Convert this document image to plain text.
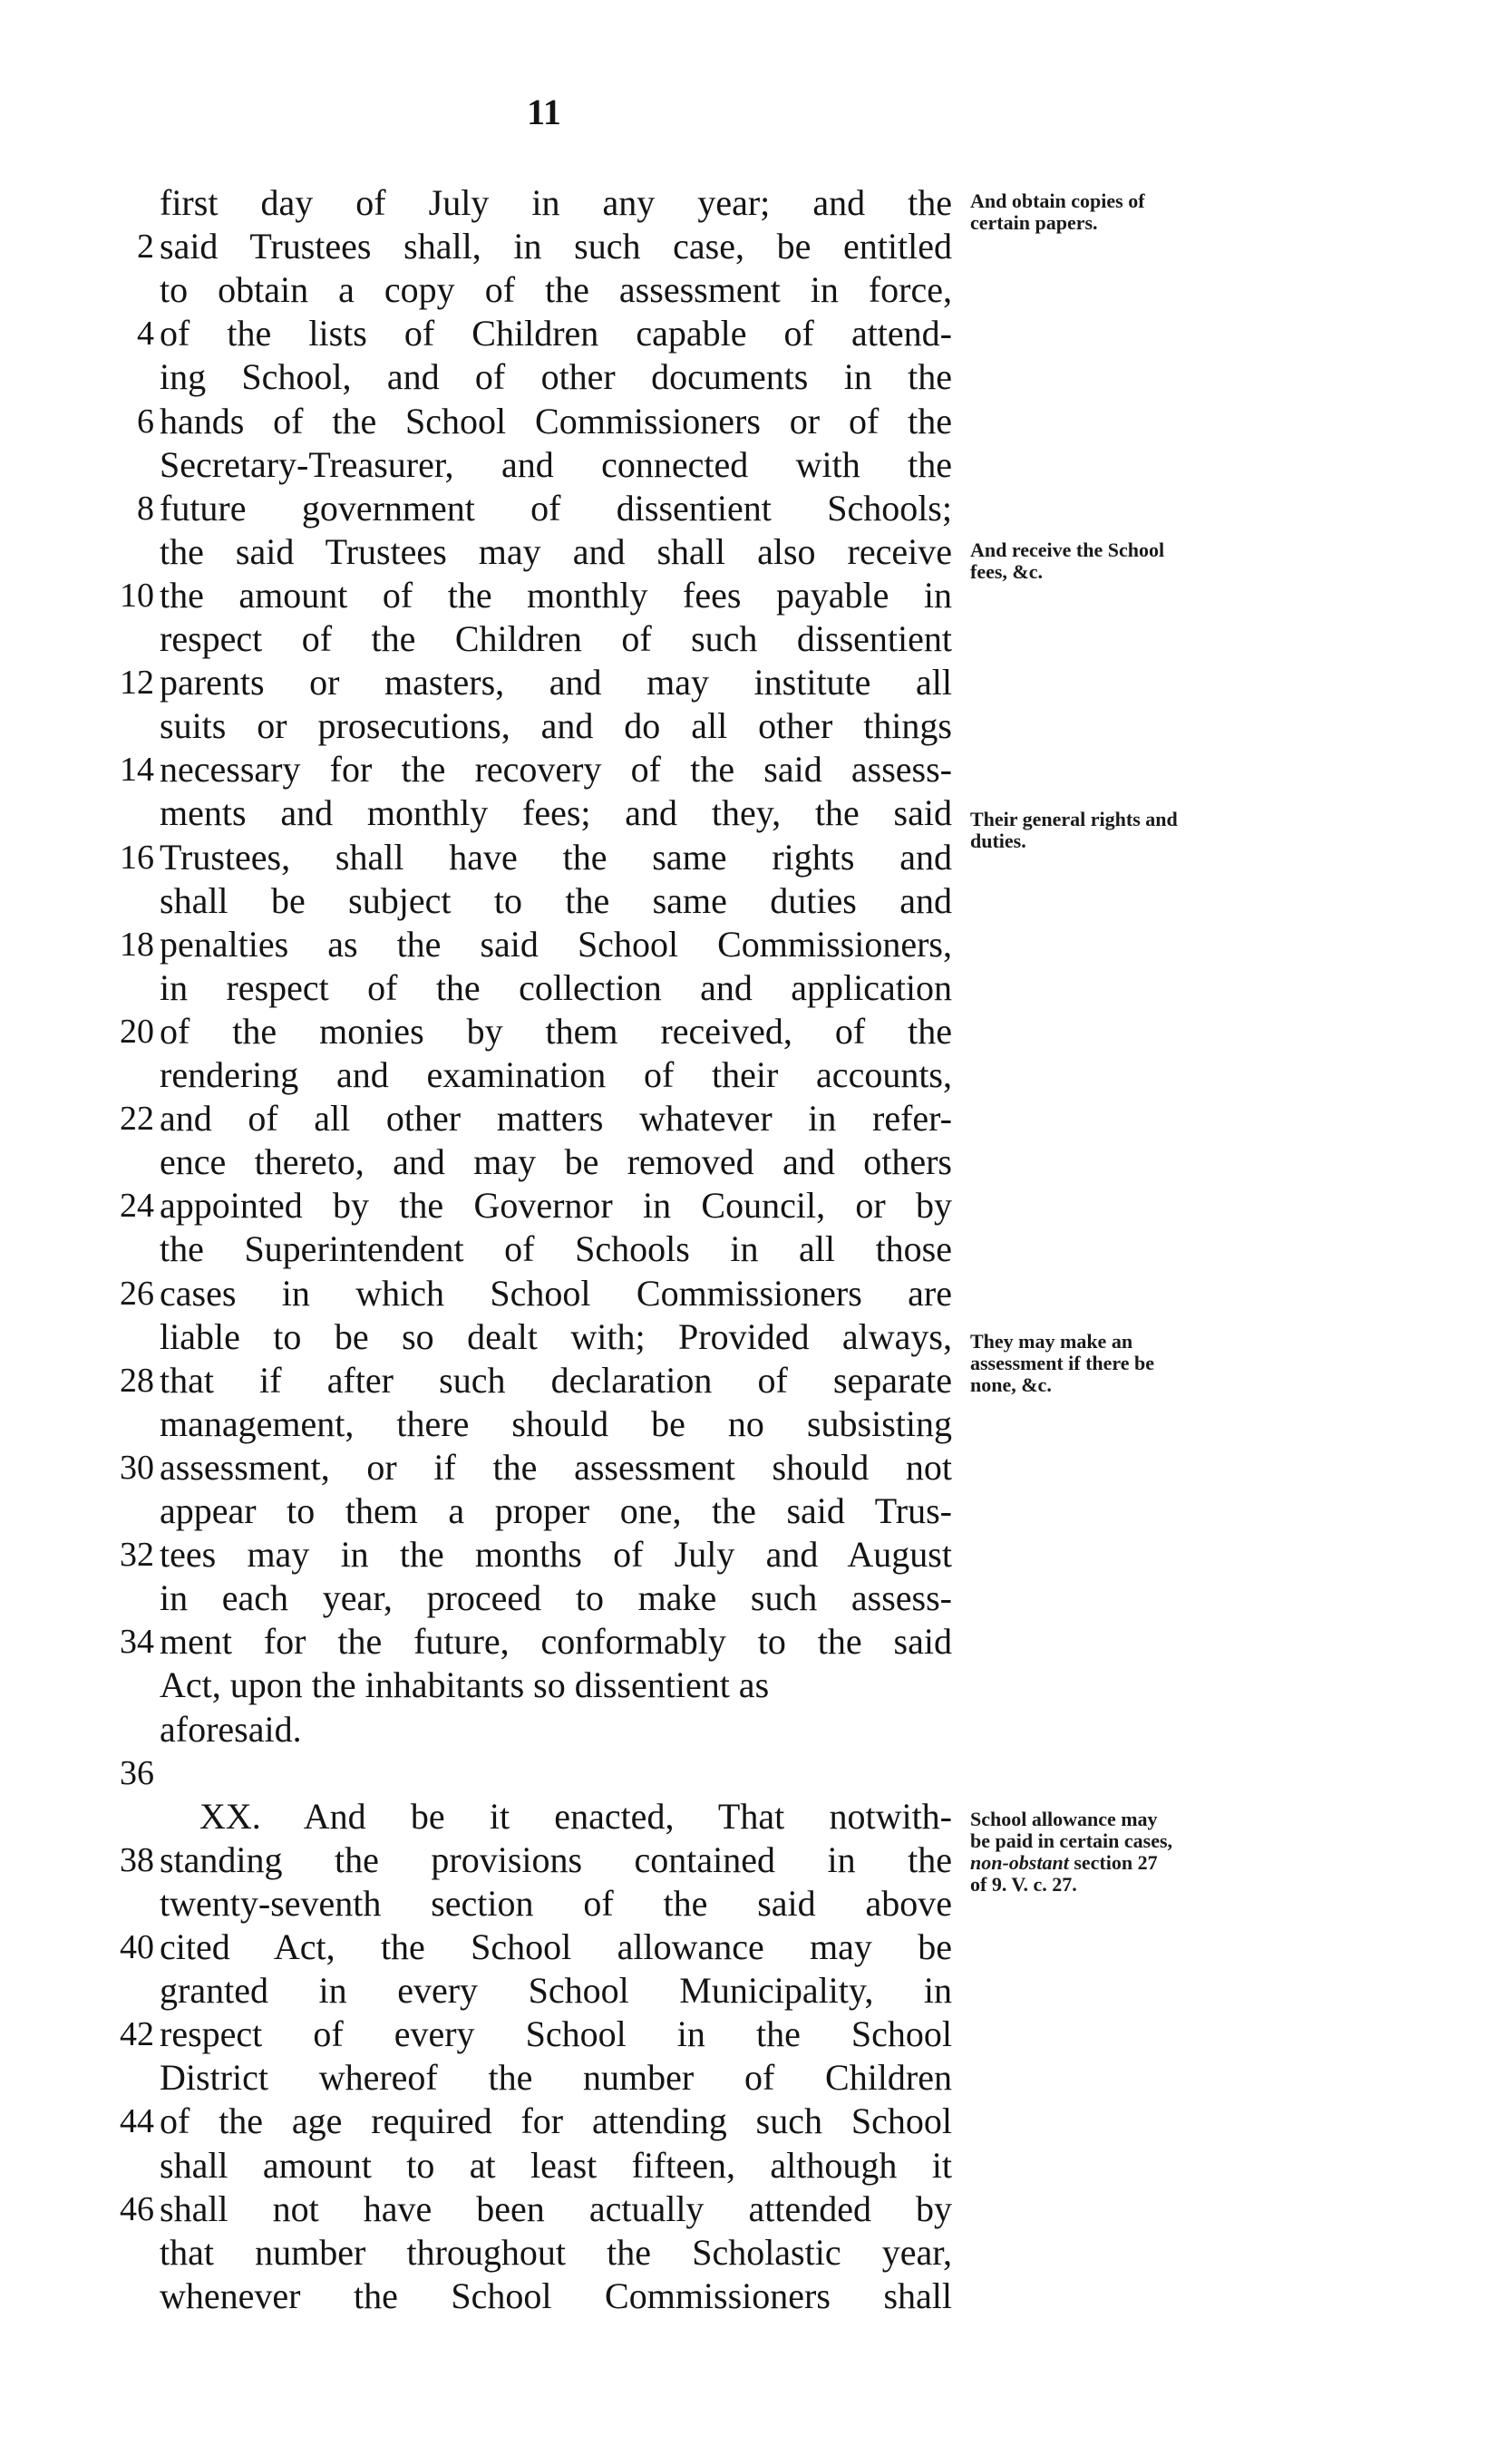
11
first day of July in any year; and the
2 said Trustees shall, in such case, be entitled
to obtain a copy of the assessment in force,
4 of the lists of Children capable of attend-
ing School, and of other documents in the
6 hands of the School Commissioners or of the
Secretary-Treasurer, and connected with the
8 future government of dissentient Schools;
the said Trustees may and shall also receive
10 the amount of the monthly fees payable in
respect of the Children of such dissentient
12 parents or masters, and may institute all
suits or prosecutions, and do all other things
14 necessary for the recovery of the said assess-
ments and monthly fees; and they, the said
16 Trustees, shall have the same rights and
shall be subject to the same duties and
18 penalties as the said School Commissioners,
in respect of the collection and application
20 of the monies by them received, of the
rendering and examination of their accounts,
22 and of all other matters whatever in refer-
ence thereto, and may be removed and others
24 appointed by the Governor in Council, or by
the Superintendent of Schools in all those
26 cases in which School Commissioners are
liable to be so dealt with; Provided always,
28 that if after such declaration of separate
management, there should be no subsisting
30 assessment, or if the assessment should not
appear to them a proper one, the said Trus-
32 tees may in the months of July and August
in each year, proceed to make such assess-
34 ment for the future, conformably to the said
Act, upon the inhabitants so dissentient as
aforesaid.
36
XX. And be it enacted, That notwith-
38 standing the provisions contained in the
twenty-seventh section of the said above
40 cited Act, the School allowance may be
granted in every School Municipality, in
42 respect of every School in the School
District whereof the number of Children
44 of the age required for attending such School
shall amount to at least fifteen, although it
46 shall not have been actually attended by
that number throughout the Scholastic year,
whenever the School Commissioners shall
And obtain copies of certain papers.
And receive the School fees, &c.
Their general rights and duties.
They may make an assessment if there be none, &c.
School allowance may be paid in certain cases, non-obstant section 27 of 9. V. c. 27.
